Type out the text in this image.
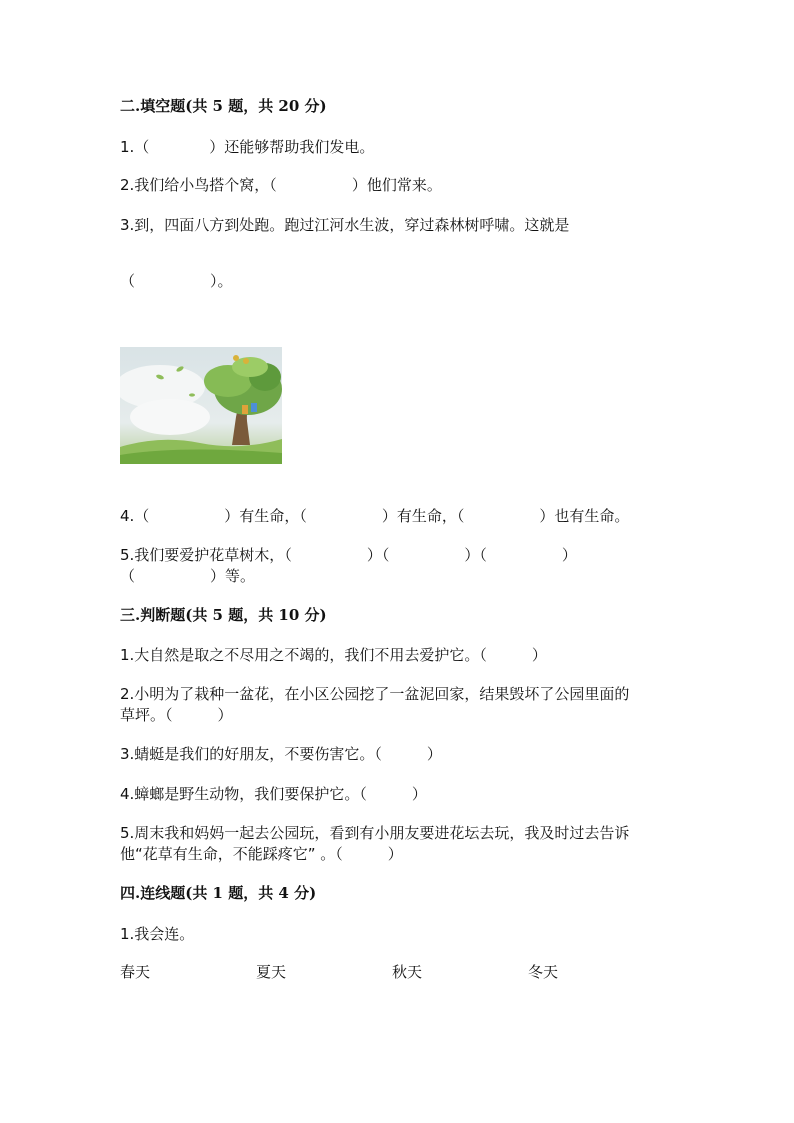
二.填空题(共 5 题，共 20 分)
1.（　　　　）还能够帮助我们发电。
2.我们给小鸟搭个窝，（　　　　　）他们常来。
3.到，四面八方到处跑。跑过江河水生波，穿过森林树呼啸。这就是
（　　　　　）。
4.（　　　　　）有生命，（　　　　　）有生命，（　　　　　）也有生命。
5.我们要爱护花草树木，（　　　　　）（　　　　　）（　　　　　）
（　　　　　）等。
三.判断题(共 5 题，共 10 分)
1.大自然是取之不尽用之不竭的，我们不用去爱护它。（　　　）
2.小明为了栽种一盆花，在小区公园挖了一盆泥回家，结果毁坏了公园里面的
草坪。（　　　）
3.蜻蜓是我们的好朋友，不要伤害它。（　　　）
4.蟑螂是野生动物，我们要保护它。（　　　）
5.周末我和妈妈一起去公园玩，看到有小朋友要进花坛去玩，我及时过去告诉
他“花草有生命，不能踩疼它” 。（　　　）
四.连线题(共 1 题，共 4 分)
1.我会连。
春天	夏天	秋天	冬天
